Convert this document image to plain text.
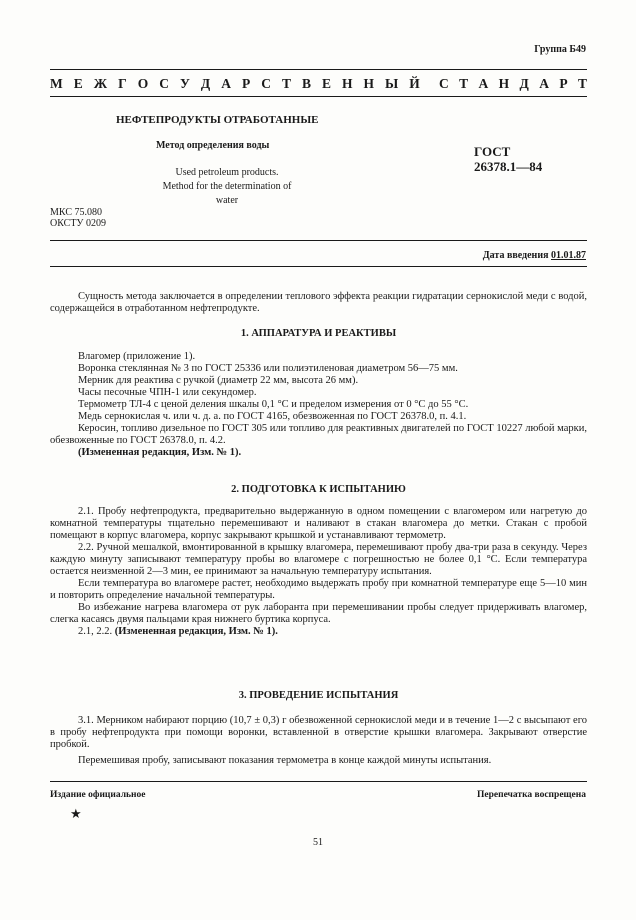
Группа Б49
М Е Ж Г О С У Д А Р С Т В Е Н Н Ы Й С Т А Н Д А Р Т
НЕФТЕПРОДУКТЫ ОТРАБОТАННЫЕ
Метод определения воды
Used petroleum products.
Method for the determination of water
ГОСТ
26378.1—84
МКС 75.080
ОКСТУ 0209
Дата введения 01.01.87

Сущность метода заключается в определении теплового эффекта реакции гидратации сернокислой меди с водой, содержащейся в отработанном нефтепродукте.

1. АППАРАТУРА И РЕАКТИВЫ

Влагомер (приложение 1).

Воронка стеклянная № 3 по ГОСТ 25336 или полиэтиленовая диаметром 56—75 мм.

Мерник для реактива с ручкой (диаметр 22 мм, высота 26 мм).

Часы песочные ЧПН-1 или секундомер.

Термометр ТЛ-4 с ценой деления шкалы 0,1 °С и пределом измерения от 0 °С до 55 °С.

Медь сернокислая ч. или ч. д. а. по ГОСТ 4165, обезвоженная по ГОСТ 26378.0, п. 4.1.

Керосин, топливо дизельное по ГОСТ 305 или топливо для реактивных двигателей по ГОСТ 10227 любой марки, обезвоженные по ГОСТ 26378.0, п. 4.2.

(Измененная редакция, Изм. № 1).

2. ПОДГОТОВКА К ИСПЫТАНИЮ

2.1. Пробу нефтепродукта, предварительно выдержанную в одном помещении с влагомером или нагретую до комнатной температуры тщательно перемешивают и наливают в стакан влагомера до метки. Стакан с пробой помещают в корпус влагомера, корпус закрывают крышкой и устанавливают термометр.

2.2. Ручной мешалкой, вмонтированной в крышку влагомера, перемешивают пробу два-три раза в секунду. Через каждую минуту записывают температуру пробы во влагомере с погрешностью не более 0,1 °С. Если температура остается неизменной 2—3 мин, ее принимают за начальную температуру испытания.

Если температура во влагомере растет, необходимо выдержать пробу при комнатной температуре еще 5—10 мин и повторить определение начальной температуры.

Во избежание нагрева влагомера от рук лаборанта при перемешивании пробы следует придерживать влагомер, слегка касаясь двумя пальцами края нижнего буртика корпуса.

2.1, 2.2. (Измененная редакция, Изм. № 1).

3. ПРОВЕДЕНИЕ ИСПЫТАНИЯ

3.1. Мерником набирают порцию (10,7 ± 0,3) г обезвоженной сернокислой меди и в течение 1—2 с высыпают его в пробу нефтепродукта при помощи воронки, вставленной в отверстие крышки влагомера. Закрывают отверстие пробкой.

Перемешивая пробу, записывают показания термометра в конце каждой минуты испытания.

Издание официальное	Перепечатка воспрещена
★
51
